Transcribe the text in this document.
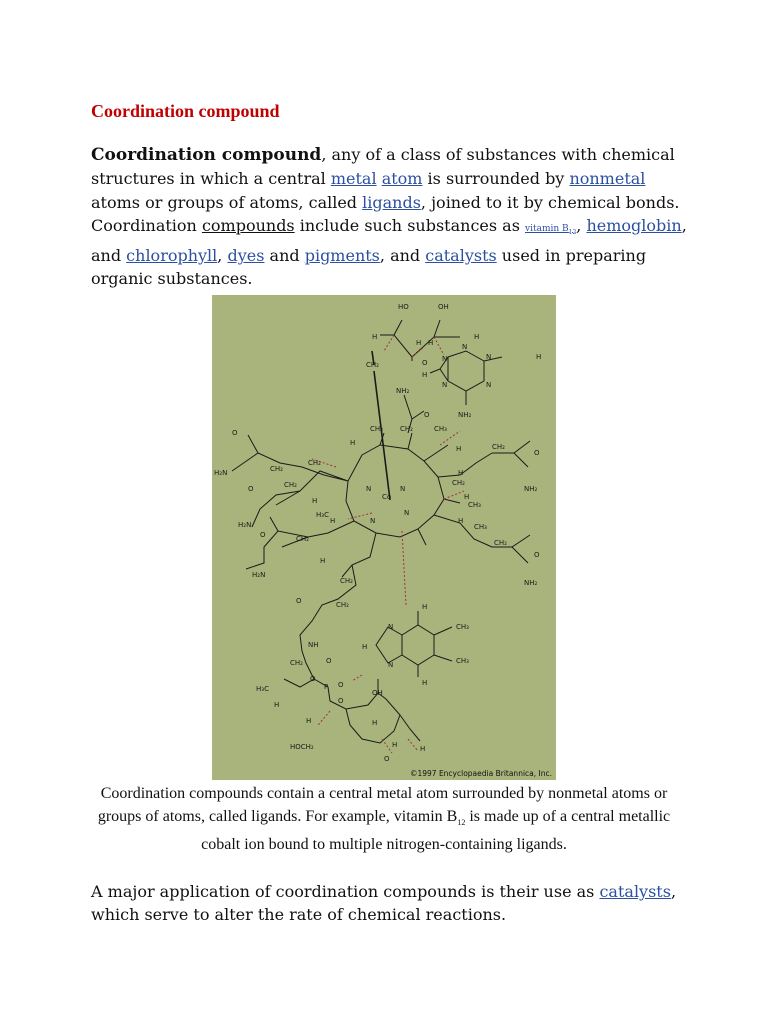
Coordination compound

Coordination compound, any of a class of substances with chemical structures in which a central metal atom is surrounded by nonmetal atoms or groups of atoms, called ligands, joined to it by chemical bonds. Coordination compounds include such substances as vitamin $B_{12}$, hemoglobin, and chlorophyll, dyes and pigments, and catalysts used in preparing organic substances.

HO	OH
H	H
H H
O
CH₂
N
N	H
N
N
N
H
NH₂
NH₂
O
CH₃ CH₂	CH₃
O
H₂N	CH₂
CH₂
H
H	CH₂
O
NH₂
CH₂
H
H
Co
N	N
N
N
O	CH₂
H
H₃C
H
H₂N
O	CH₂
H
H₂N
CH₃
CH₃
H
CH₂
O
NH₂
CH₂
CH₂
O
NH
CH₂	O
H₃C
H
O
P O
O
H
N
H
N
CH₃
CH₃
H
OH
H	H
HOCH₂	H	H
O
©1997 Encyclopaedia Britannica, Inc.

Coordination compounds contain a central metal atom surrounded by nonmetal atoms or groups of atoms, called ligands. For example, vitamin $B_{12}$ is made up of a central metallic cobalt ion bound to multiple nitrogen-containing ligands.

A major application of coordination compounds is their use as catalysts, which serve to alter the rate of chemical reactions.
